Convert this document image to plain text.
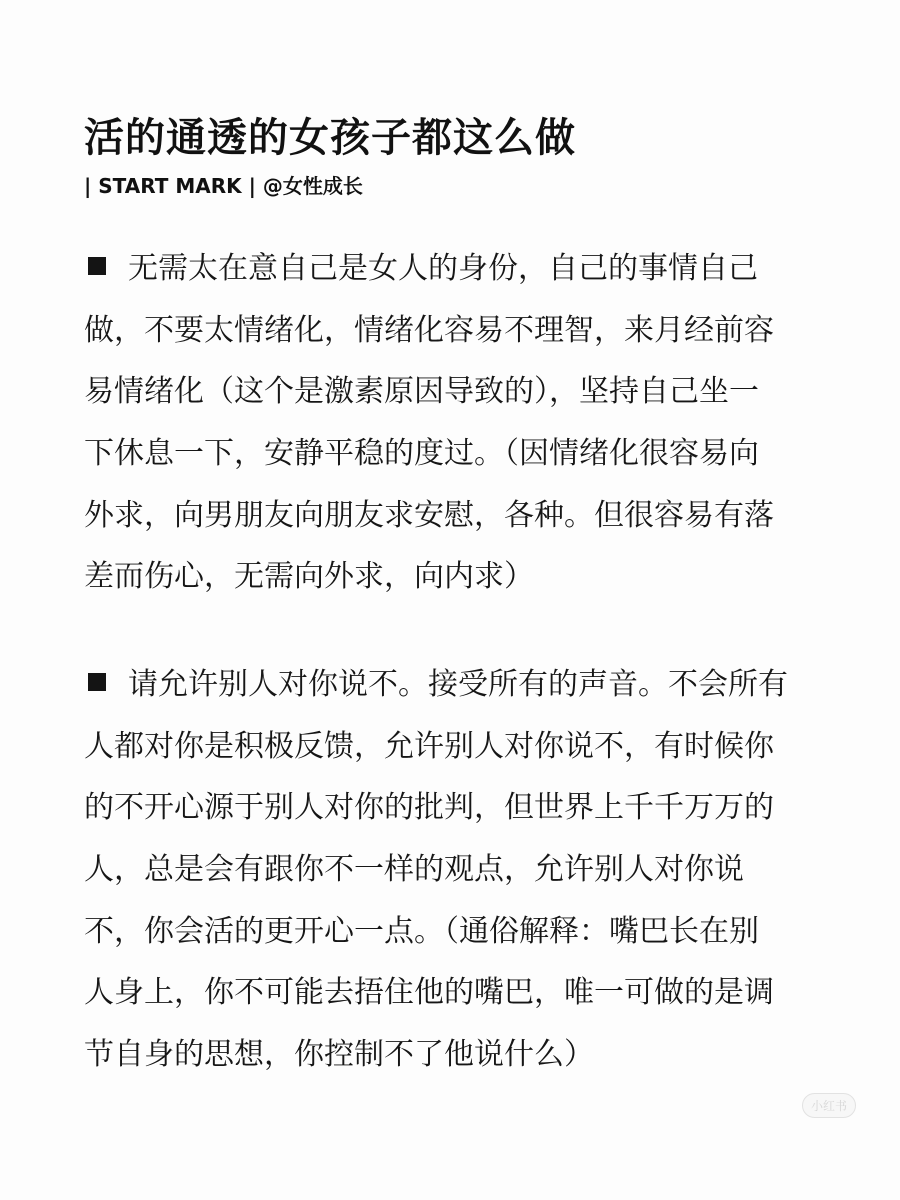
活的通透的女孩子都这么做
| START MARK | @女性成长
无需太在意自己是女人的身份，自己的事情自己
做，不要太情绪化，情绪化容易不理智，来月经前容
易情绪化（这个是激素原因导致的），坚持自己坐一
下休息一下，安静平稳的度过。（因情绪化很容易向
外求，向男朋友向朋友求安慰，各种。但很容易有落
差而伤心，无需向外求，向内求）
请允许别人对你说不。接受所有的声音。不会所有
人都对你是积极反馈，允许别人对你说不，有时候你
的不开心源于别人对你的批判，但世界上千千万万的
人，总是会有跟你不一样的观点，允许别人对你说
不，你会活的更开心一点。（通俗解释：嘴巴长在别
人身上，你不可能去捂住他的嘴巴，唯一可做的是调
节自身的思想，你控制不了他说什么）
小红书
